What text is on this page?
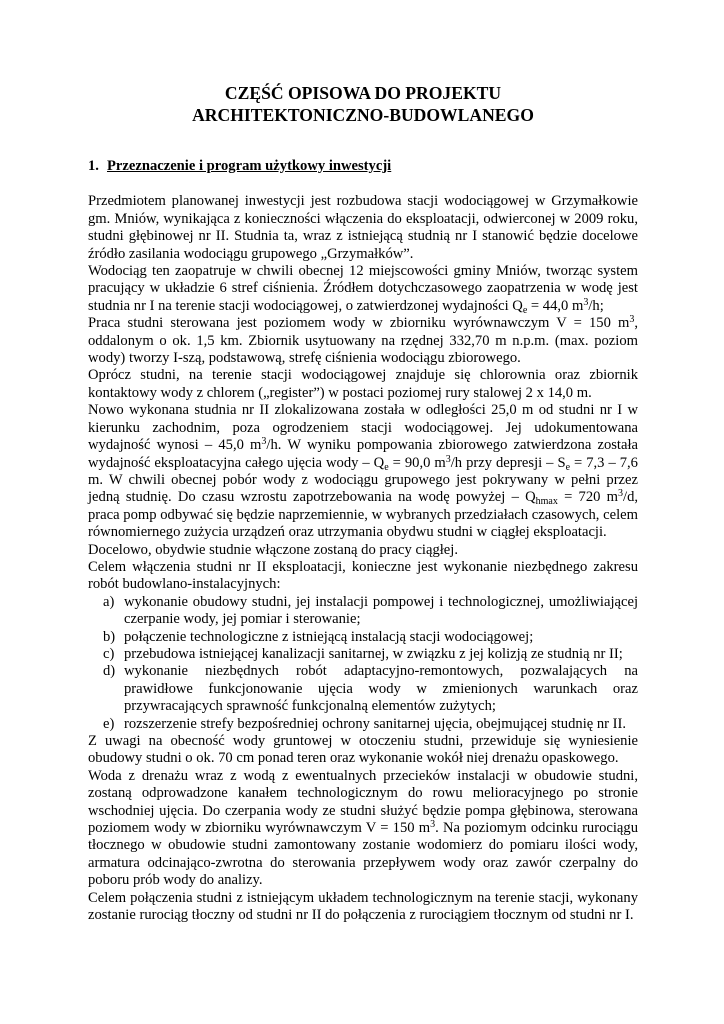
CZĘŚĆ OPISOWA DO PROJEKTU
ARCHITEKTONICZNO-BUDOWLANEGO
1. Przeznaczenie i program użytkowy inwestycji

Przedmiotem planowanej inwestycji jest rozbudowa stacji wodociągowej w Grzymałkowie gm. Mniów, wynikająca z konieczności włączenia do eksploatacji, odwierconej w 2009 roku, studni głębinowej nr II. Studnia ta, wraz z istniejącą studnią nr I stanowić będzie docelowe źródło zasilania wodociągu grupowego „Grzymałków”.

Wodociąg ten zaopatruje w chwili obecnej 12 miejscowości gminy Mniów, tworząc system pracujący w układzie 6 stref ciśnienia. Źródłem dotychczasowego zaopatrzenia w wodę jest studnia nr I na terenie stacji wodociągowej, o zatwierdzonej wydajności $Q_e = 44,0$ $m^3/h$;

Praca studni sterowana jest poziomem wody w zbiorniku wyrównawczym V = 150 $m^3$, oddalonym o ok. 1,5 km. Zbiornik usytuowany na rzędnej 332,70 m n.p.m. (max. poziom wody) tworzy I-szą, podstawową, strefę ciśnienia wodociągu zbiorowego.

Oprócz studni, na terenie stacji wodociągowej znajduje się chlorownia oraz zbiornik kontaktowy wody z chlorem („register”) w postaci poziomej rury stalowej 2 x 14,0 m.

Nowo wykonana studnia nr II zlokalizowana została w odległości 25,0 m od studni nr I w kierunku zachodnim, poza ogrodzeniem stacji wodociągowej. Jej udokumentowana wydajność wynosi – 45,0 $m^3/h$. W wyniku pompowania zbiorowego zatwierdzona została wydajność eksploatacyjna całego ujęcia wody – $Q_e = 90,0$ $m^3/h$ przy depresji – $S_e = 7,3 - 7,6$ m. W chwili obecnej pobór wody z wodociągu grupowego jest pokrywany w pełni przez jedną studnię. Do czasu wzrostu zapotrzebowania na wodę powyżej – $Q_{hmax} = 720$ $m^3/d$, praca pomp odbywać się będzie naprzemiennie, w wybranych przedziałach czasowych, celem równomiernego zużycia urządzeń oraz utrzymania obydwu studni w ciągłej eksploatacji.

Docelowo, obydwie studnie włączone zostaną do pracy ciągłej.

Celem włączenia studni nr II eksploatacji, konieczne jest wykonanie niezbędnego zakresu robót budowlano-instalacyjnych:

a) wykonanie obudowy studni, jej instalacji pompowej i technologicznej, umożliwiającej czerpanie wody, jej pomiar i sterowanie;
b) połączenie technologiczne z istniejącą instalacją stacji wodociągowej;
c) przebudowa istniejącej kanalizacji sanitarnej, w związku z jej kolizją ze studnią nr II;
d) wykonanie niezbędnych robót adaptacyjno-remontowych, pozwalających na prawidłowe funkcjonowanie ujęcia wody w zmienionych warunkach oraz przywracających sprawność funkcjonalną elementów zużytych;
e) rozszerzenie strefy bezpośredniej ochrony sanitarnej ujęcia, obejmującej studnię nr II.

Z uwagi na obecność wody gruntowej w otoczeniu studni, przewiduje się wyniesienie obudowy studni o ok. 70 cm ponad teren oraz wykonanie wokół niej drenażu opaskowego.

Woda z drenażu wraz z wodą z ewentualnych przecieków instalacji w obudowie studni, zostaną odprowadzone kanałem technologicznym do rowu melioracyjnego po stronie wschodniej ujęcia. Do czerpania wody ze studni służyć będzie pompa głębinowa, sterowana poziomem wody w zbiorniku wyrównawczym V = 150 $m^3$. Na poziomym odcinku rurociągu tłocznego w obudowie studni zamontowany zostanie wodomierz do pomiaru ilości wody, armatura odcinająco-zwrotna do sterowania przepływem wody oraz zawór czerpalny do poboru prób wody do analizy.

Celem połączenia studni z istniejącym układem technologicznym na terenie stacji, wykonany zostanie rurociąg tłoczny od studni nr II do połączenia z rurociągiem tłocznym od studni nr I.
